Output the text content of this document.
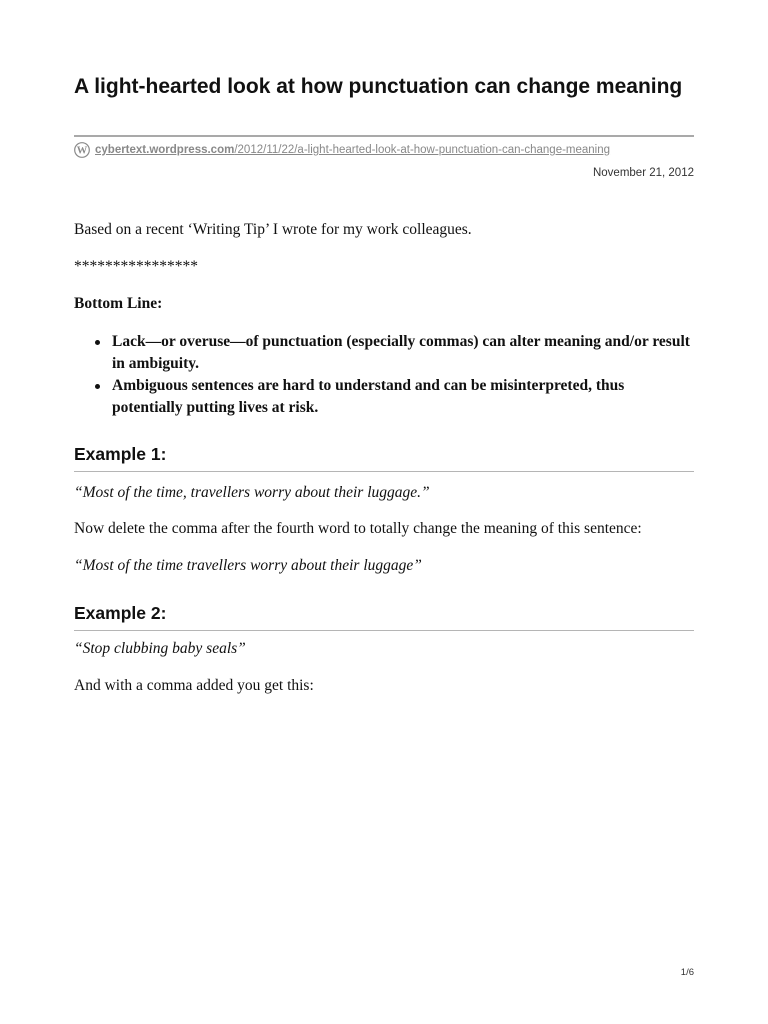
A light-hearted look at how punctuation can change meaning
W cybertext.wordpress.com/2012/11/22/a-light-hearted-look-at-how-punctuation-can-change-meaning
November 21, 2012

Based on a recent ‘Writing Tip’ I wrote for my work colleagues.

****************

Bottom Line:

Lack—or overuse—of punctuation (especially commas) can alter meaning and/or result in ambiguity.
Ambiguous sentences are hard to understand and can be misinterpreted, thus potentially putting lives at risk.
Example 1:

“Most of the time, travellers worry about their luggage.”

Now delete the comma after the fourth word to totally change the meaning of this sentence:

“Most of the time travellers worry about their luggage”

Example 2:

“Stop clubbing baby seals”

And with a comma added you get this:

1/6
